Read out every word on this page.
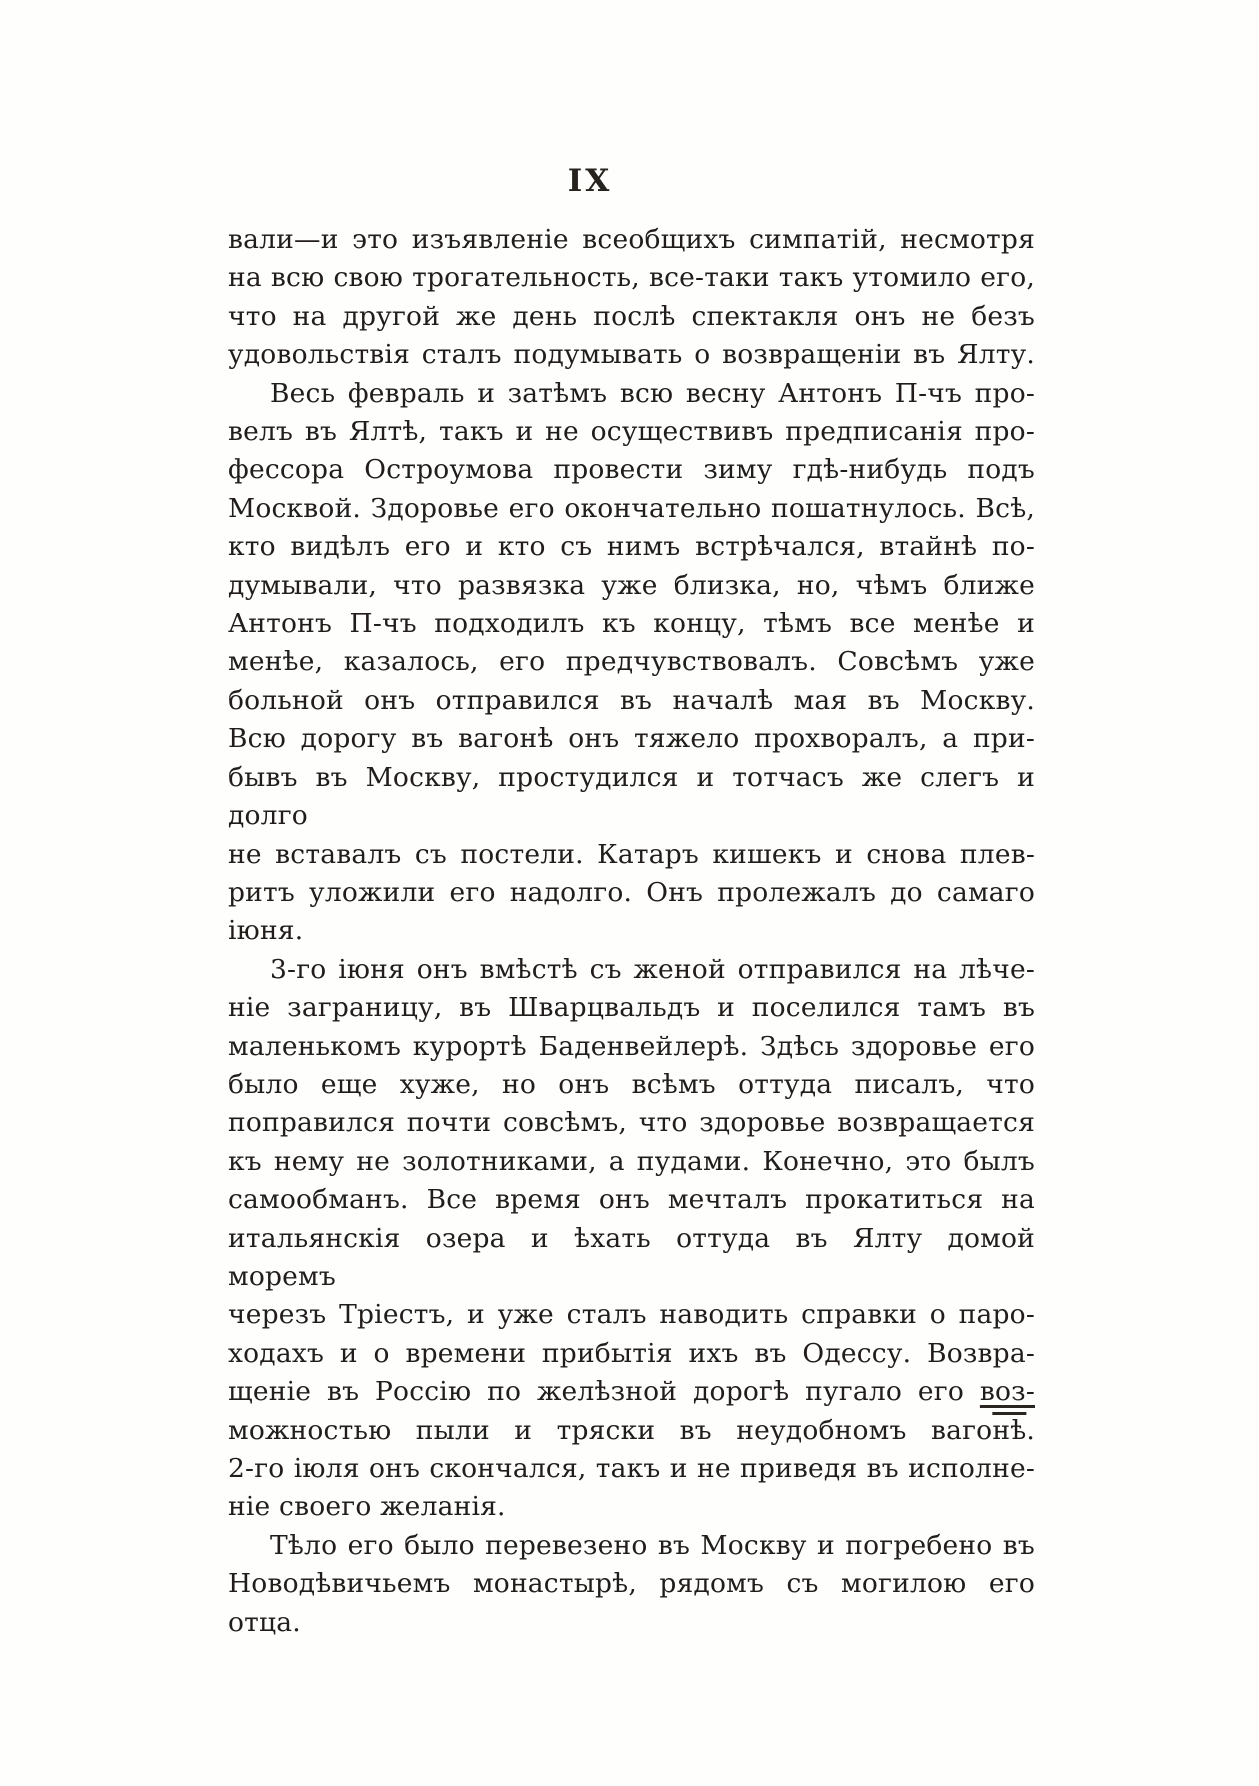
IX
вали—и это изъявленіе всеобщихъ симпатій, несмотря
на всю свою трогательность, все-таки такъ утомило его,
что на другой же день послѣ спектакля онъ не безъ
удовольствія сталъ подумывать о возвращеніи въ Ялту.
Весь февраль и затѣмъ всю весну Антонъ П-чъ про-
велъ въ Ялтѣ, такъ и не осуществивъ предписанія про-
фессора Остроумова провести зиму гдѣ-нибудь подъ
Москвой. Здоровье его окончательно пошатнулось. Всѣ,
кто видѣлъ его и кто съ нимъ встрѣчался, втайнѣ по-
думывали, что развязка уже близка, но, чѣмъ ближе
Антонъ П-чъ подходилъ къ концу, тѣмъ все менѣе и
менѣе, казалось, его предчувствовалъ. Совсѣмъ уже
больной онъ отправился въ началѣ мая въ Москву.
Всю дорогу въ вагонѣ онъ тяжело прохворалъ, а при-
бывъ въ Москву, простудился и тотчасъ же слегъ и долго
не вставалъ съ постели. Катаръ кишекъ и снова плев-
ритъ уложили его надолго. Онъ пролежалъ до самаго
іюня.
3-го іюня онъ вмѣстѣ съ женой отправился на лѣче-
ніе заграницу, въ Шварцвальдъ и поселился тамъ въ
маленькомъ курортѣ Баденвейлерѣ. Здѣсь здоровье его
было еще хуже, но онъ всѣмъ оттуда писалъ, что
поправился почти совсѣмъ, что здоровье возвращается
къ нему не золотниками, а пудами. Конечно, это былъ
самообманъ. Все время онъ мечталъ прокатиться на
итальянскія озера и ѣхать оттуда въ Ялту домой моремъ
черезъ Тріестъ, и уже сталъ наводить справки о паро-
ходахъ и о времени прибытія ихъ въ Одессу. Возвра-
щеніе въ Россію по желѣзной дорогѣ пугало его воз-
можностью пыли и тряски въ неудобномъ вагонѣ.
2-го іюля онъ скончался, такъ и не приведя въ исполне-
ніе своего желанія.
Тѣло его было перевезено въ Москву и погребено въ
Новодѣвичьемъ монастырѣ, рядомъ съ могилою его отца.
